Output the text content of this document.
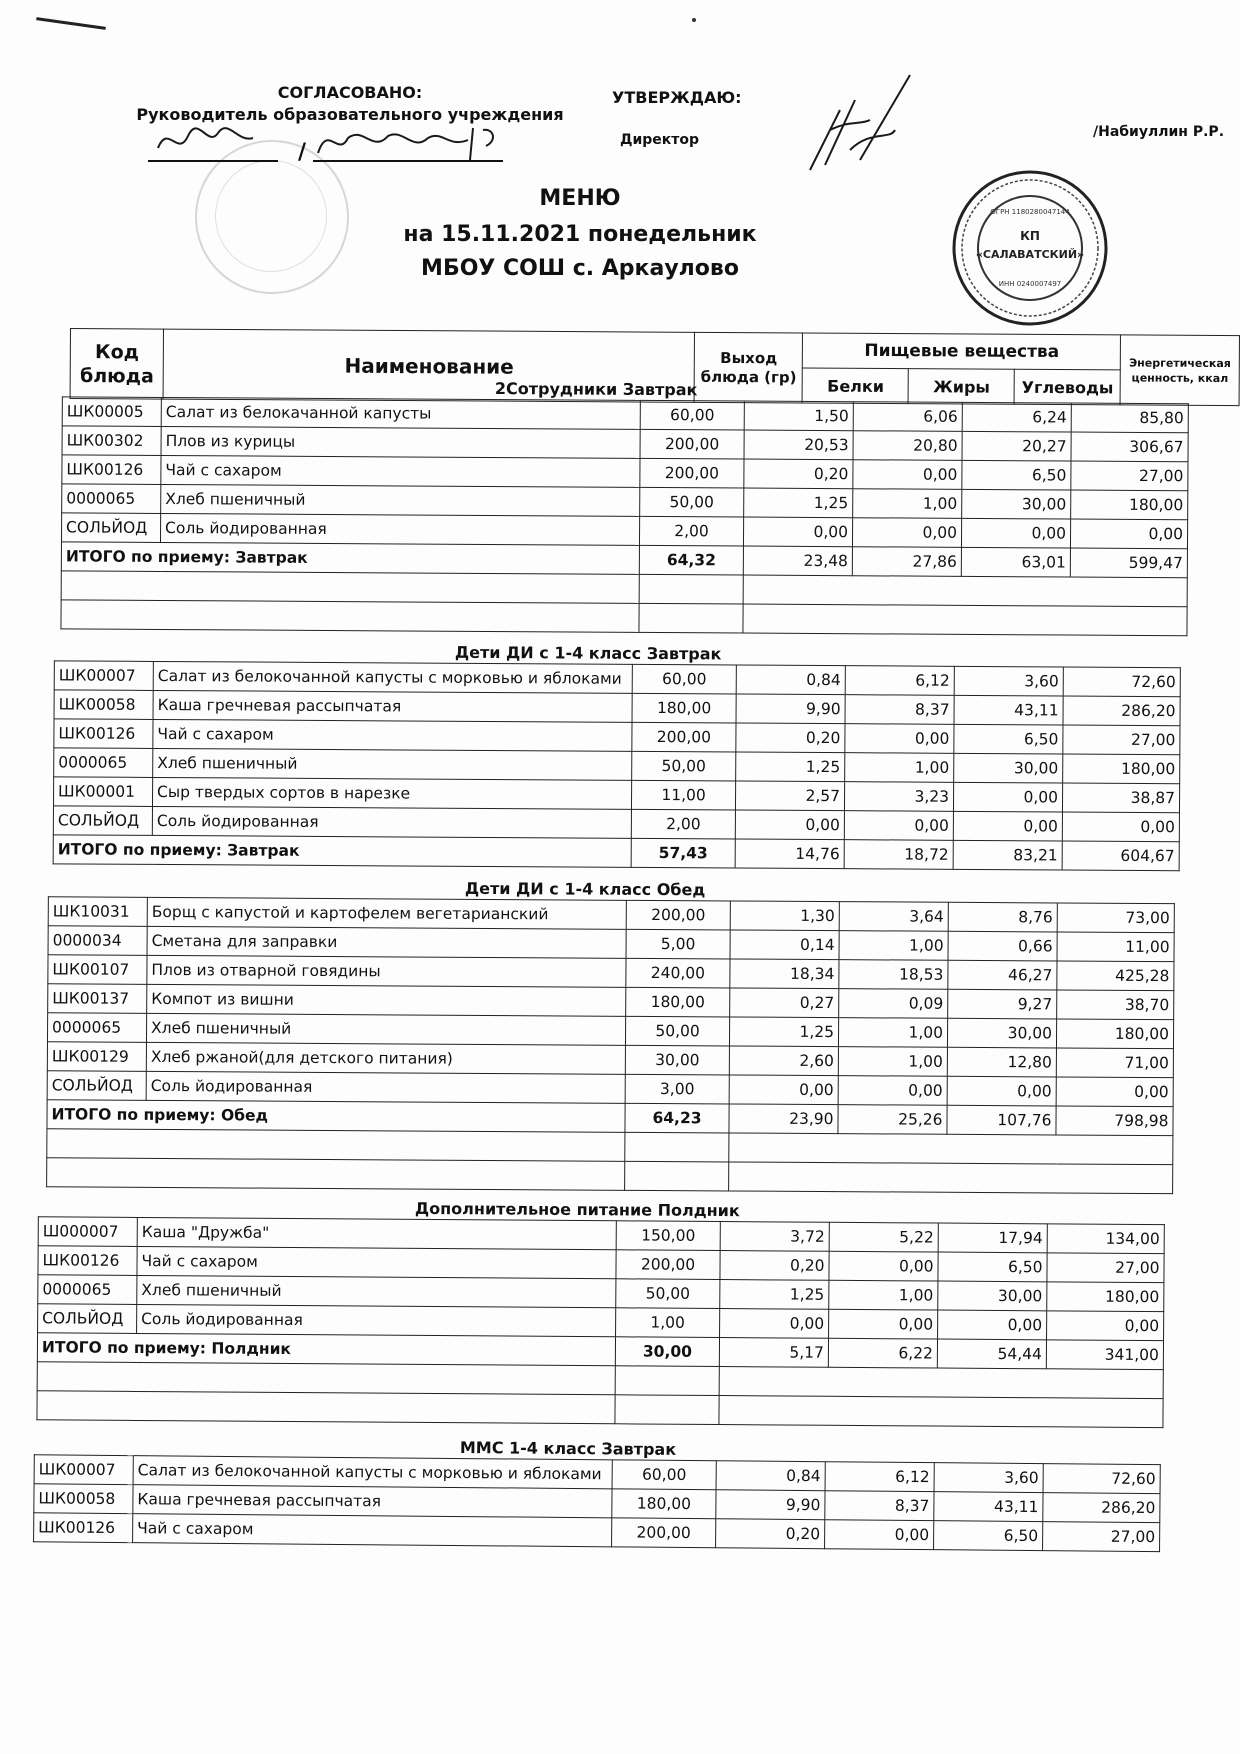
СОГЛАСОВАНО:
Руководитель образовательного учреждения
/
УТВЕРЖДАЮ:
Директор	/Набиуллин Р.Р.
КП
«САЛАВАТСКИЙ»
ОГРН 1180280047144
ИНН 0240007497
МЕНЮ
на 15.11.2021 понедельник
МБОУ СОШ с. Аркаулово
Код блюда	Наименование	Выход блюда (гр)	Пищевые вещества			Энергетическая ценность, ккал
			Белки	Жиры	Углеводы	
2Сотрудники Завтрак
ШК00005	Салат из белокачанной капусты	60,00	1,50	6,06	6,24	85,80
ШК00302	Плов из курицы	200,00	20,53	20,80	20,27	306,67
ШК00126	Чай с сахаром	200,00	0,20	0,00	6,50	27,00
0000065	Хлеб пшеничный	50,00	1,25	1,00	30,00	180,00
СОЛЬЙОД	Соль йодированная	2,00	0,00	0,00	0,00	0,00
ИТОГО по приему: Завтрак		64,32	23,48	27,86	63,01	599,47

Дети ДИ с 1-4 класс Завтрак
ШК00007	Салат из белокочанной капусты с морковью и яблоками	60,00	0,84	6,12	3,60	72,60
ШК00058	Каша гречневая рассыпчатая	180,00	9,90	8,37	43,11	286,20
ШК00126	Чай с сахаром	200,00	0,20	0,00	6,50	27,00
0000065	Хлеб пшеничный	50,00	1,25	1,00	30,00	180,00
ШК00001	Сыр твердых сортов в нарезке	11,00	2,57	3,23	0,00	38,87
СОЛЬЙОД	Соль йодированная	2,00	0,00	0,00	0,00	0,00
ИТОГО по приему: Завтрак		57,43	14,76	18,72	83,21	604,67
Дети ДИ с 1-4 класс Обед
ШК10031	Борщ с капустой и картофелем вегетарианский	200,00	1,30	3,64	8,76	73,00
0000034	Сметана для заправки	5,00	0,14	1,00	0,66	11,00
ШК00107	Плов из отварной говядины	240,00	18,34	18,53	46,27	425,28
ШК00137	Компот из вишни	180,00	0,27	0,09	9,27	38,70
0000065	Хлеб пшеничный	50,00	1,25	1,00	30,00	180,00
ШК00129	Хлеб ржаной(для детского питания)	30,00	2,60	1,00	12,80	71,00
СОЛЬЙОД	Соль йодированная	3,00	0,00	0,00	0,00	0,00
ИТОГО по приему: Обед		64,23	23,90	25,26	107,76	798,98

Дополнительное питание Полдник
Ш000007	Каша "Дружба"	150,00	3,72	5,22	17,94	134,00
ШК00126	Чай с сахаром	200,00	0,20	0,00	6,50	27,00
0000065	Хлеб пшеничный	50,00	1,25	1,00	30,00	180,00
СОЛЬЙОД	Соль йодированная	1,00	0,00	0,00	0,00	0,00
ИТОГО по приему: Полдник		30,00	5,17	6,22	54,44	341,00

ММС 1-4 класс Завтрак
ШК00007	Салат из белокочанной капусты с морковью и яблоками	60,00	0,84	6,12	3,60	72,60
ШК00058	Каша гречневая рассыпчатая	180,00	9,90	8,37	43,11	286,20
ШК00126	Чай с сахаром	200,00	0,20	0,00	6,50	27,00
